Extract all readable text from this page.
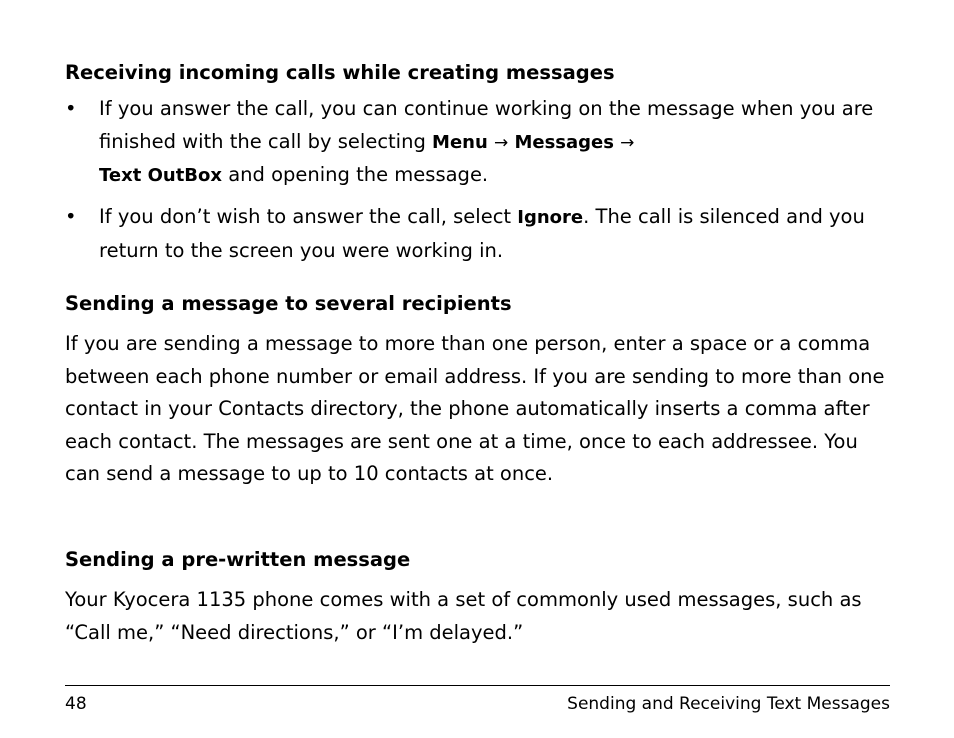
Receiving incoming calls while creating messages
•	If you answer the call, you can continue working on the message when you are finished with the call by selecting Menu → Messages →
Text OutBox and opening the message.
•	If you don’t wish to answer the call, select Ignore. The call is silenced and you return to the screen you were working in.
Sending a message to several recipients
If you are sending a message to more than one person, enter a space or a comma between each phone number or email address. If you are sending to more than one contact in your Contacts directory, the phone automatically inserts a comma after each contact. The messages are sent one at a time, once to each addressee. You can send a message to up to 10 contacts at once.
Sending a pre-written message
Your Kyocera 1135 phone comes with a set of commonly used messages, such as “Call me,” “Need directions,” or “I’m delayed.”
48	Sending and Receiving Text Messages
